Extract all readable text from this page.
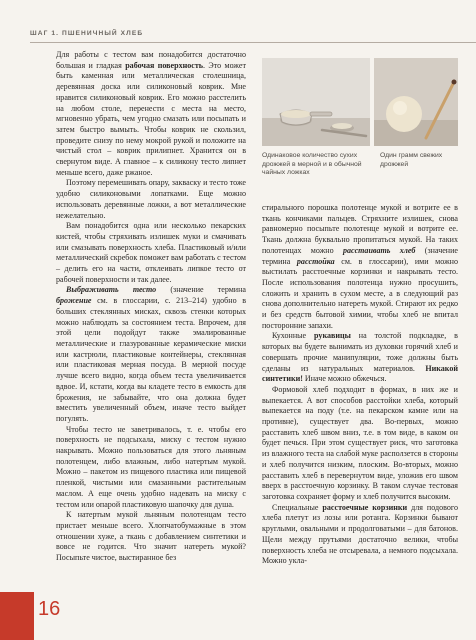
ШАГ 1. ПШЕНИЧНЫЙ ХЛЕБ

Для работы с тестом вам понадобится достаточно большая и гладкая рабочая поверхность. Это может быть каменная или металлическая столешница, деревянная доска или силиконовый коврик. Мне нравится силиконовый коврик. Его можно расстелить на любом столе, перенести с места на место, мгновенно убрать, чем угодно смазать или посыпать и затем быстро вымыть. Чтобы коврик не скользил, проведите снизу по нему мокрой рукой и положите на чистый стол – коврик прилипнет. Хранится он в свернутом виде. А главное – к силикону тесто липнет меньше всего, даже ржаное.

Поэтому перемешивать опару, закваску и тесто тоже удобно силиконовыми лопатками. Еще можно использовать деревянные ложки, а вот металлические нежелательно.

Вам понадобится одна или несколько пекарских кистей, чтобы стряхивать излишек муки и смачивать или смазывать поверхность хлеба. Пластиковый и/или металлический скребок поможет вам работать с тестом – делить его на части, отклеивать липкое тесто от рабочей поверхности и так далее.

Выбраживать тесто (значение термина брожение см. в глоссарии, с. 213–214) удобно в больших стеклянных мисках, сквозь стенки которых можно наблюдать за состоянием теста. Впрочем, для этой цели подойдут также эмалированные металлические и глазурованные керамические миски или кастрюли, пластиковые контейнеры, стеклянная или пластиковая мерная посуда. В мерной посуде лучше всего видно, когда объем теста увеличивается вдвое. И, кстати, когда вы кладете тесто в емкость для брожения, не забывайте, что она должна будет вместить увеличенный объем, иначе тесто выйдет погулять.

Чтобы тесто не заветривалось, т. е. чтобы его поверхность не подсыхала, миску с тестом нужно накрывать. Можно пользоваться для этого льняным полотенцем, либо влажным, либо натертым мукой. Можно – пакетом из пищевого пластика или пищевой пленкой, чистыми или смазанными растительным маслом. А еще очень удобно надевать на миску с тестом или опарой пластиковую шапочку для душа.

К натертым мукой льняным полотенцам тесто пристает меньше всего. Хлопчатобумажные в этом отношении хуже, а ткань с добавлением синтетики и вовсе не годится. Что значит натереть мукой? Посыпьте чистое, выстиранное без

Одинаковое количество сухих дрожжей в мерной и в обычной чайных ложках
Один грамм свежих дрожжей

стирального порошка полотенце мукой и вотрите ее в ткань кончиками пальцев. Стряхните излишек, снова равномерно посыпьте полотенце мукой и вотрите ее. Ткань должна буквально пропитаться мукой. На таких полотенцах можно расстаивать хлеб (значение термина расстойка см. в глоссарии), ими можно выстилать расстоечные корзинки и накрывать тесто. После использования полотенца нужно просушить, сложить и хранить в сухом месте, а в следующий раз снова дополнительно натереть мукой. Стирают их редко и без средств бытовой химии, чтобы хлеб не впитал посторонние запахи.

Кухонные рукавицы на толстой подкладке, в которых вы будете вынимать из духовки горячий хлеб и совершать прочие манипуляции, тоже должны быть сделаны из натуральных материалов. Никакой синтетики! Иначе можно обжечься.

Формовой хлеб подходит в формах, в них же и выпекается. А вот способов расстойки хлеба, который выпекается на поду (т.е. на пекарском камне или на противне), существует два. Во-первых, можно расставить хлеб швом вниз, т.е. в том виде, в каком он будет печься. При этом существует риск, что заготовка из влажного теста на слабой муке расползется в стороны и хлеб получится низким, плоским. Во-вторых, можно расставить хлеб в перевернутом виде, уложив его швом вверх в расстоечную корзинку. В таком случае тестовая заготовка сохраняет форму и хлеб получится высоким.

Специальные расстоечные корзинки для подового хлеба плетут из лозы или ротанга. Корзинки бывают круглыми, овальными и продолговатыми – для батонов. Щели между прутьями достаточно велики, чтобы поверхность хлеба не отсыревала, а немного подсыхала. Можно укла-

16
